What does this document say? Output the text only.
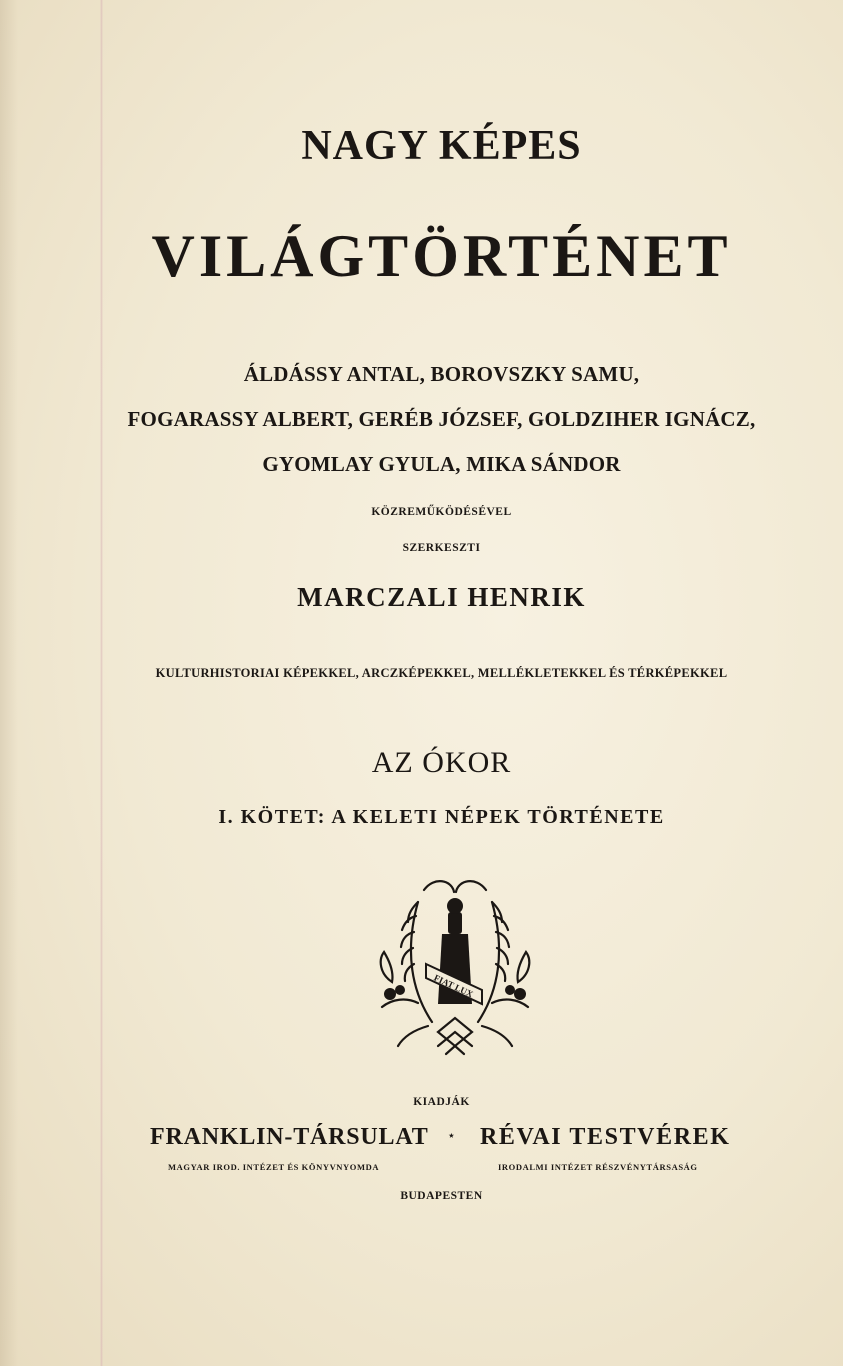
NAGY KÉPES

VILÁGTÖRTÉNET

ÁLDÁSSY ANTAL, BOROVSZKY SAMU,

FOGARASSY ALBERT, GERÉB JÓZSEF, GOLDZIHER IGNÁCZ,

GYOMLAY GYULA, MIKA SÁNDOR

KÖZREMŰKÖDÉSÉVEL

SZERKESZTI

MARCZALI HENRIK

KULTURHISTORIAI KÉPEKKEL, ARCZKÉPEKKEL, MELLÉKLETEKKEL ÉS TÉRKÉPEKKEL

AZ ÓKOR

I. KÖTET: A KELETI NÉPEK TÖRTÉNETE

FIAT LUX

KIADJÁK

FRANKLIN-TÁRSULAT ⋆ RÉVAI TESTVÉREK
MAGYAR IROD. INTÉZET ÉS KÖNYVNYOMDA	IRODALMI INTÉZET RÉSZVÉNYTÁRSASÁG

BUDAPESTEN
